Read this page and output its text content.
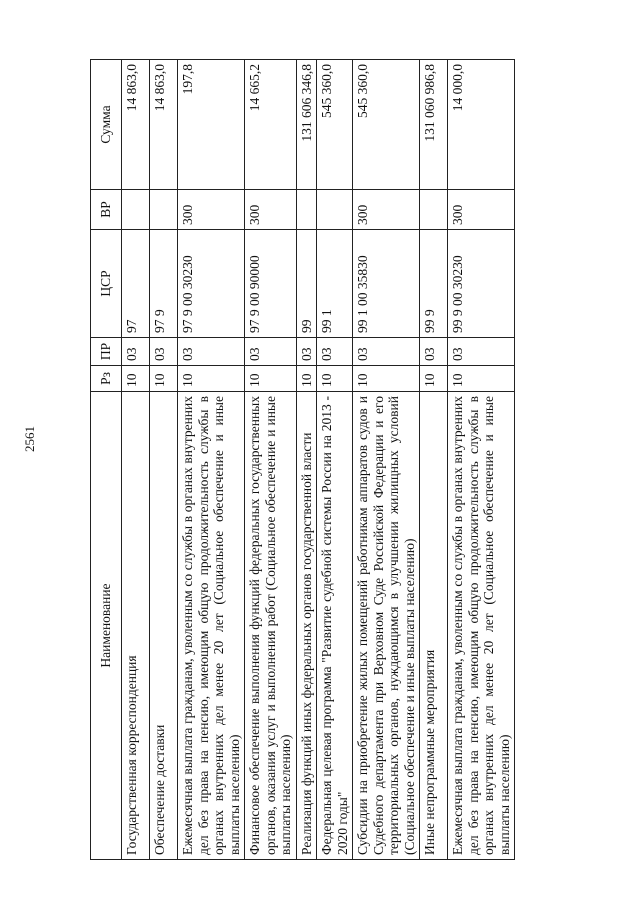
2561
Наименование	Рз	ПР	ЦСР	ВР	Сумма
Государственная корреспонденция	10	03	97		14 863,0
Обеспечение доставки	10	03	97 9		14 863,0
Ежемесячная выплата гражданам, уволенным со службы в органах внутренних дел без права на пенсию, имеющим общую продолжительность службы в органах внутренних дел менее 20 лет (Социальное обеспечение и иные выплаты населению)	10	03	97 9 00 30230	300	197,8
Финансовое обеспечение выполнения функций федеральных государственных органов, оказания услуг и выполнения работ (Социальное обеспечение и иные выплаты населению)	10	03	97 9 00 90000	300	14 665,2
Реализация функций иных федеральных органов государственной власти	10	03	99		131 606 346,8
Федеральная целевая программа "Развитие судебной системы России на 2013 - 2020 годы"	10	03	99 1		545 360,0
Субсидии на приобретение жилых помещений работникам аппаратов судов и Судебного департамента при Верховном Суде Российской Федерации и его территориальных органов, нуждающимся в улучшении жилищных условий (Социальное обеспечение и иные выплаты населению)	10	03	99 1 00 35830	300	545 360,0
Иные непрограммные мероприятия	10	03	99 9		131 060 986,8
Ежемесячная выплата гражданам, уволенным со службы в органах внутренних дел без права на пенсию, имеющим общую продолжительность службы в органах внутренних дел менее 20 лет (Социальное обеспечение и иные выплаты населению)	10	03	99 9 00 30230	300	14 000,0
